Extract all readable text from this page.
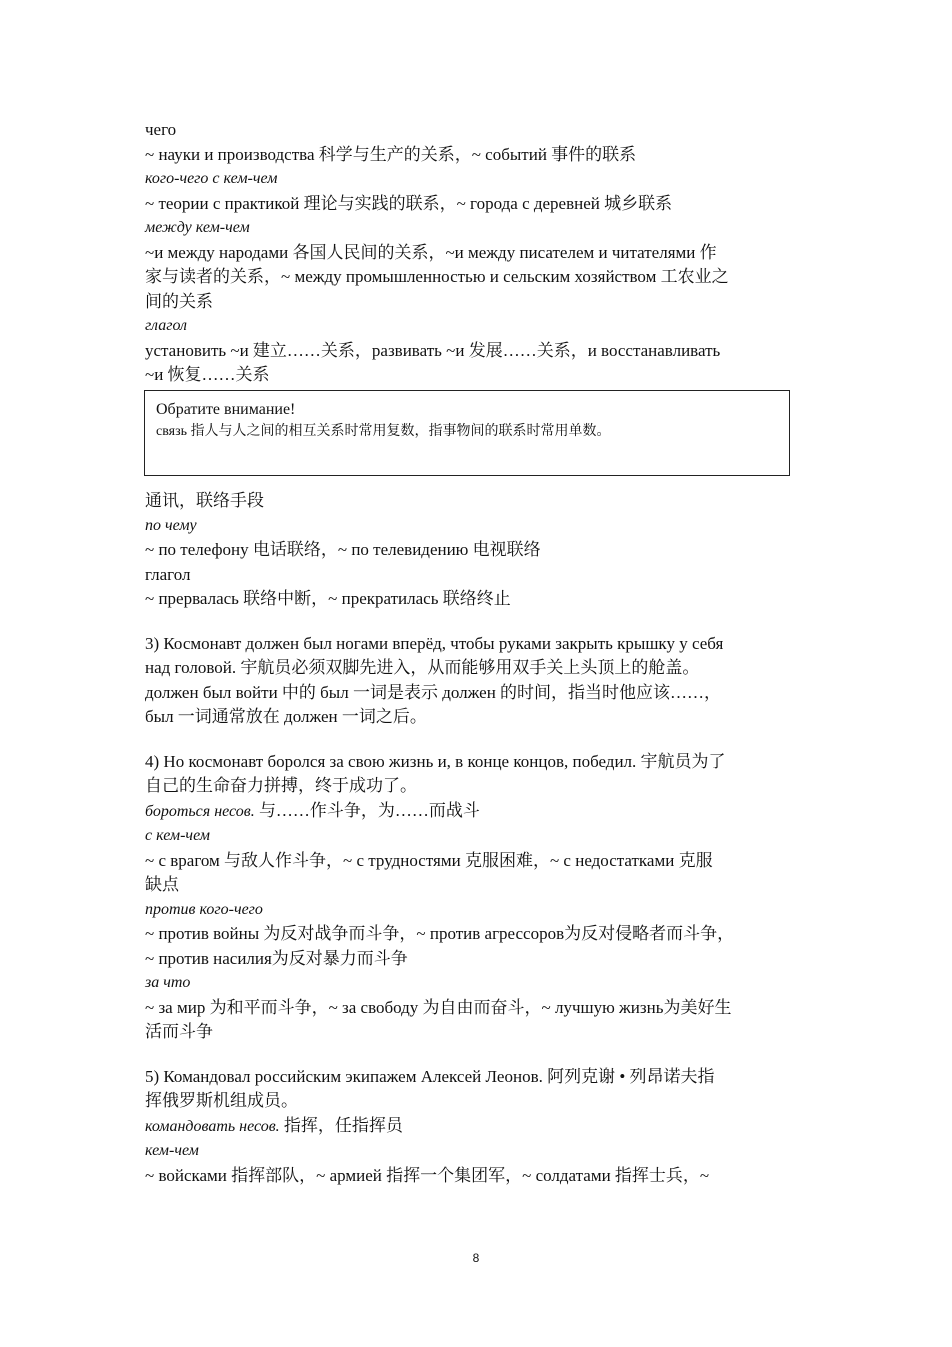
чего

~ науки и производства 科学与生产的关系，~ событий 事件的联系

кого-чего с кем-чем

~ теории с практикой 理论与实践的联系，~ города с деревней 城乡联系

между кем-чем

~и между народами 各国人民间的关系，~и между писателем и читателями 作

家与读者的关系，~ между промышленностью и сельским хозяйством 工农业之

间的关系

глагол

установить ~и 建立……关系，развивать ~и 发展……关系，и восстанавливать

~и 恢复……关系

Обратите внимание!

связь 指人与人之间的相互关系时常用复数，指事物间的联系时常用单数。

通讯，联络手段

по чему

~ по телефону 电话联络，~ по телевидению 电视联络

глагол

~ прервалась 联络中断，~ прекратилась 联络终止

3) Космонавт должен был ногами вперёд, чтобы руками закрыть крышку у себя

над головой. 宇航员必须双脚先进入，从而能够用双手关上头顶上的舱盖。

должен был войти 中的 был 一词是表示 должен 的时间，指当时他应该……，

был 一词通常放在 должен 一词之后。

4) Но космонавт боролся за свою жизнь и, в конце концов, победил. 宇航员为了

自己的生命奋力拼搏，终于成功了。

бороться несов. 与……作斗争，为……而战斗

с кем-чем

~ с врагом 与敌人作斗争，~ с трудностями 克服困难，~ с недостатками 克服

缺点

против кого-чего

~ против войны 为反对战争而斗争，~ против агрессоров为反对侵略者而斗争，

~ против насилия为反对暴力而斗争

за что

~ за мир 为和平而斗争，~ за свободу 为自由而奋斗，~ лучшую жизнь为美好生

活而斗争

5) Командовал российским экипажем Алексей Леонов. 阿列克谢 • 列昂诺夫指

挥俄罗斯机组成员。

командовать несов. 指挥，任指挥员

кем-чем

~ войсками 指挥部队，~ армией 指挥一个集团军，~ солдатами 指挥士兵，~

8
